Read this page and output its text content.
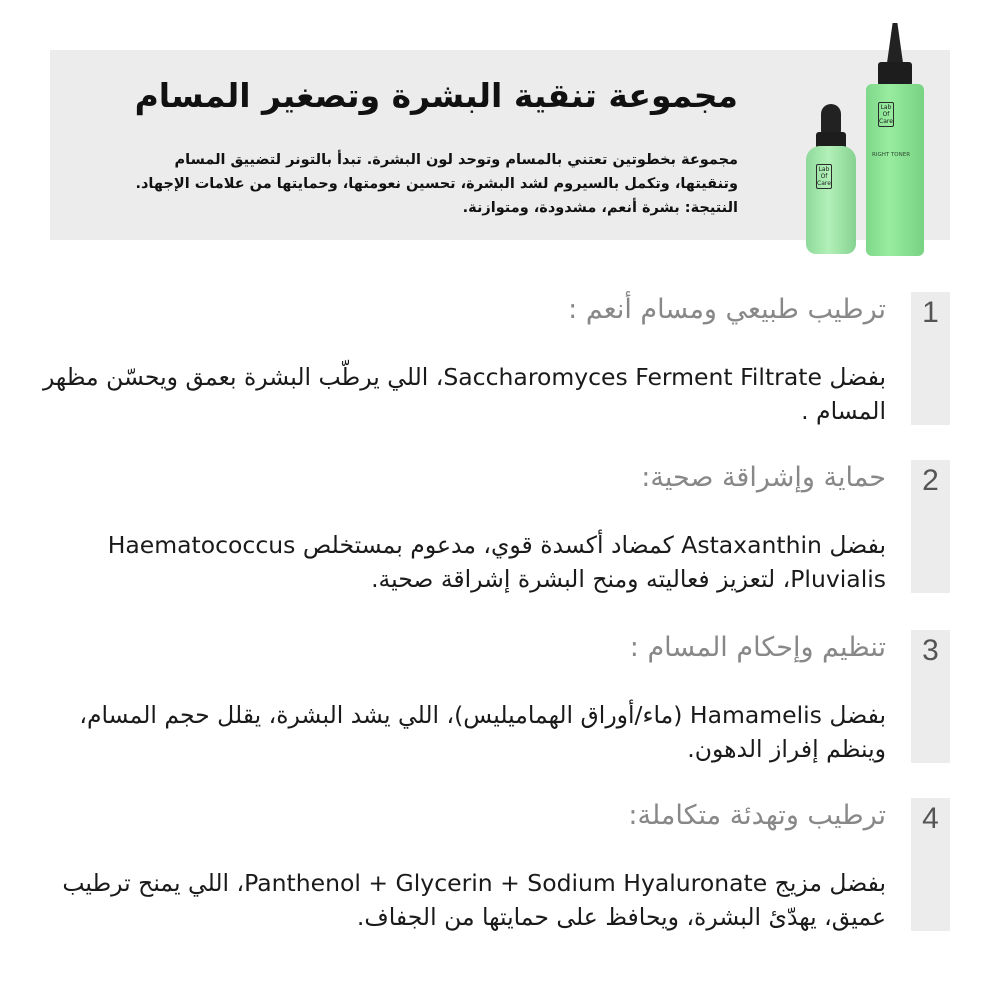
مجموعة تنقية البشرة وتصغير المسام
مجموعة بخطوتين تعتني بالمسام وتوحد لون البشرة. تبدأ بالتونر لتضييق المسام وتنقيتها، وتكمل بالسيروم لشد البشرة، تحسين نعومتها، وحمايتها من علامات الإجهاد. النتيجة: بشرة أنعم، مشدودة، ومتوازنة.
Lab
Of
Care
RIGHT TONER
Lab
Of
Care
1
ترطيب طبيعي ومسام أنعم :
بفضل Saccharomyces Ferment Filtrate، اللي يرطّب البشرة بعمق ويحسّن مظهر المسام .
2
حماية وإشراقة صحية:
بفضل Astaxanthin كمضاد أكسدة قوي، مدعوم بمستخلص Haematococcus Pluvialis، لتعزيز فعاليته ومنح البشرة إشراقة صحية.
3
تنظيم وإحكام المسام :
بفضل Hamamelis (ماء/أوراق الهماميليس)، اللي يشد البشرة، يقلل حجم المسام، وينظم إفراز الدهون.
4
ترطيب وتهدئة متكاملة:
بفضل مزيج Panthenol + Glycerin + Sodium Hyaluronate، اللي يمنح ترطيب عميق، يهدّئ البشرة، ويحافظ على حمايتها من الجفاف.
